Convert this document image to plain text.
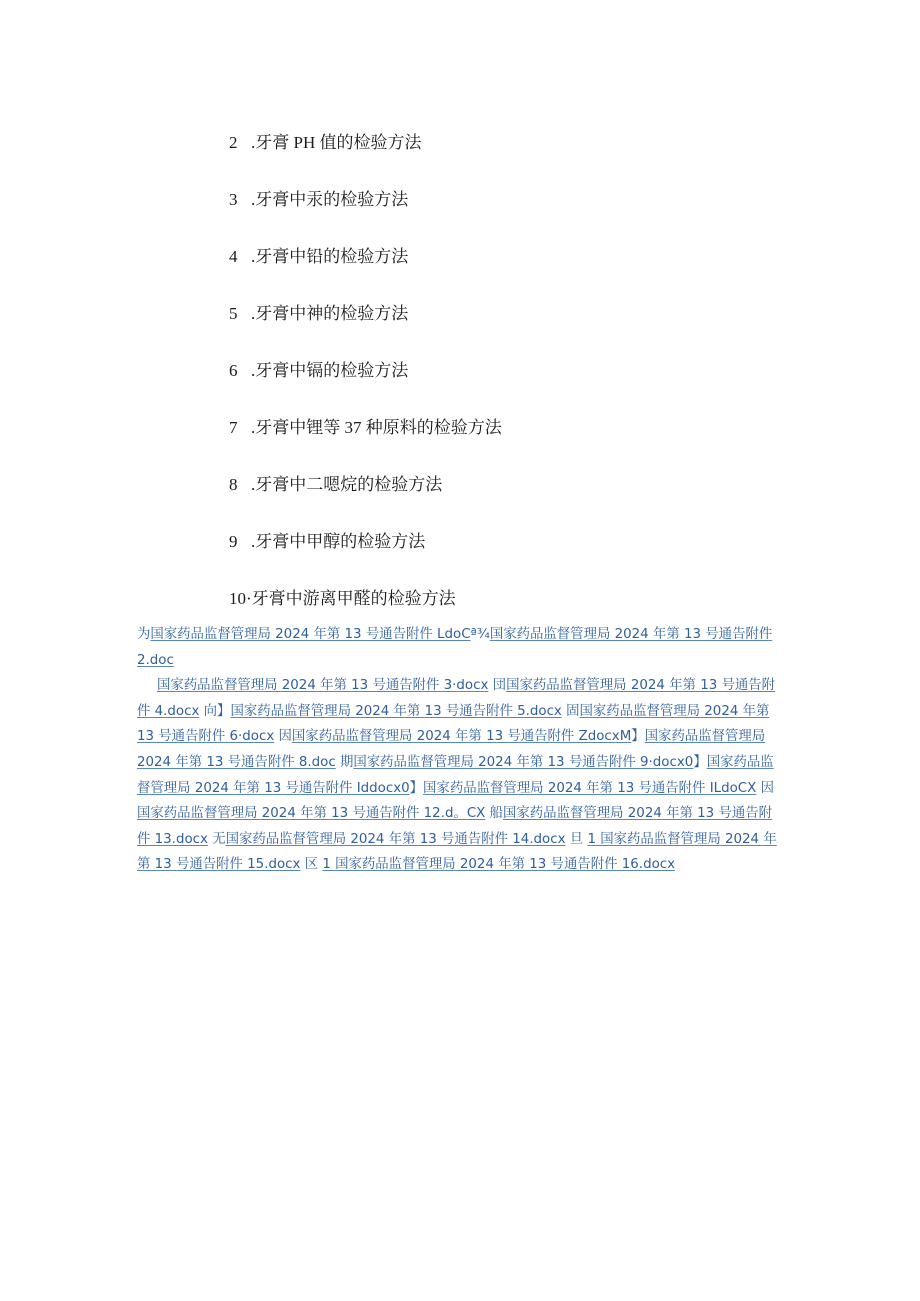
2 .牙膏 PH 值的检验方法
3 .牙膏中汞的检验方法
4 .牙膏中铅的检验方法
5 .牙膏中神的检验方法
6 .牙膏中镉的检验方法
7 .牙膏中锂等 37 种原料的检验方法
8 .牙膏中二嗯烷的检验方法
9 .牙膏中甲醇的检验方法
10·牙膏中游离甲醛的检验方法

为国家药品监督管理局 2024 年第 13 号通告附件 LdoCª¾国家药品监督管理局 2024 年第 13 号通告附件 2.doc

国家药品监督管理局 2024 年第 13 号通告附件 3·docx 団国家药品监督管理局 2024 年第 13 号通告附件 4.docx 向】国家药品监督管理局 2024 年第 13 号通告附件 5.docx 固国家药品监督管理局 2024 年第 13 号通告附件 6·docx 因国家药品监督管理局 2024 年第 13 号通告附件 ZdocxM】国家药品监督管理局 2024 年第 13 号通告附件 8.doc 期国家药品监督管理局 2024 年第 13 号通告附件 9·docx0】国家药品监督管理局 2024 年第 13 号通告附件 Iddocx0】国家药品监督管理局 2024 年第 13 号通告附件 ILdoCX 因国家药品监督管理局 2024 年第 13 号通告附件 12.d。CX 船国家药品监督管理局 2024 年第 13 号通告附件 13.docx 无国家药品监督管理局 2024 年第 13 号通告附件 14.docx 旦 1 国家药品监督管理局 2024 年第 13 号通告附件 15.docx 区 1 国家药品监督管理局 2024 年第 13 号通告附件 16.docx
